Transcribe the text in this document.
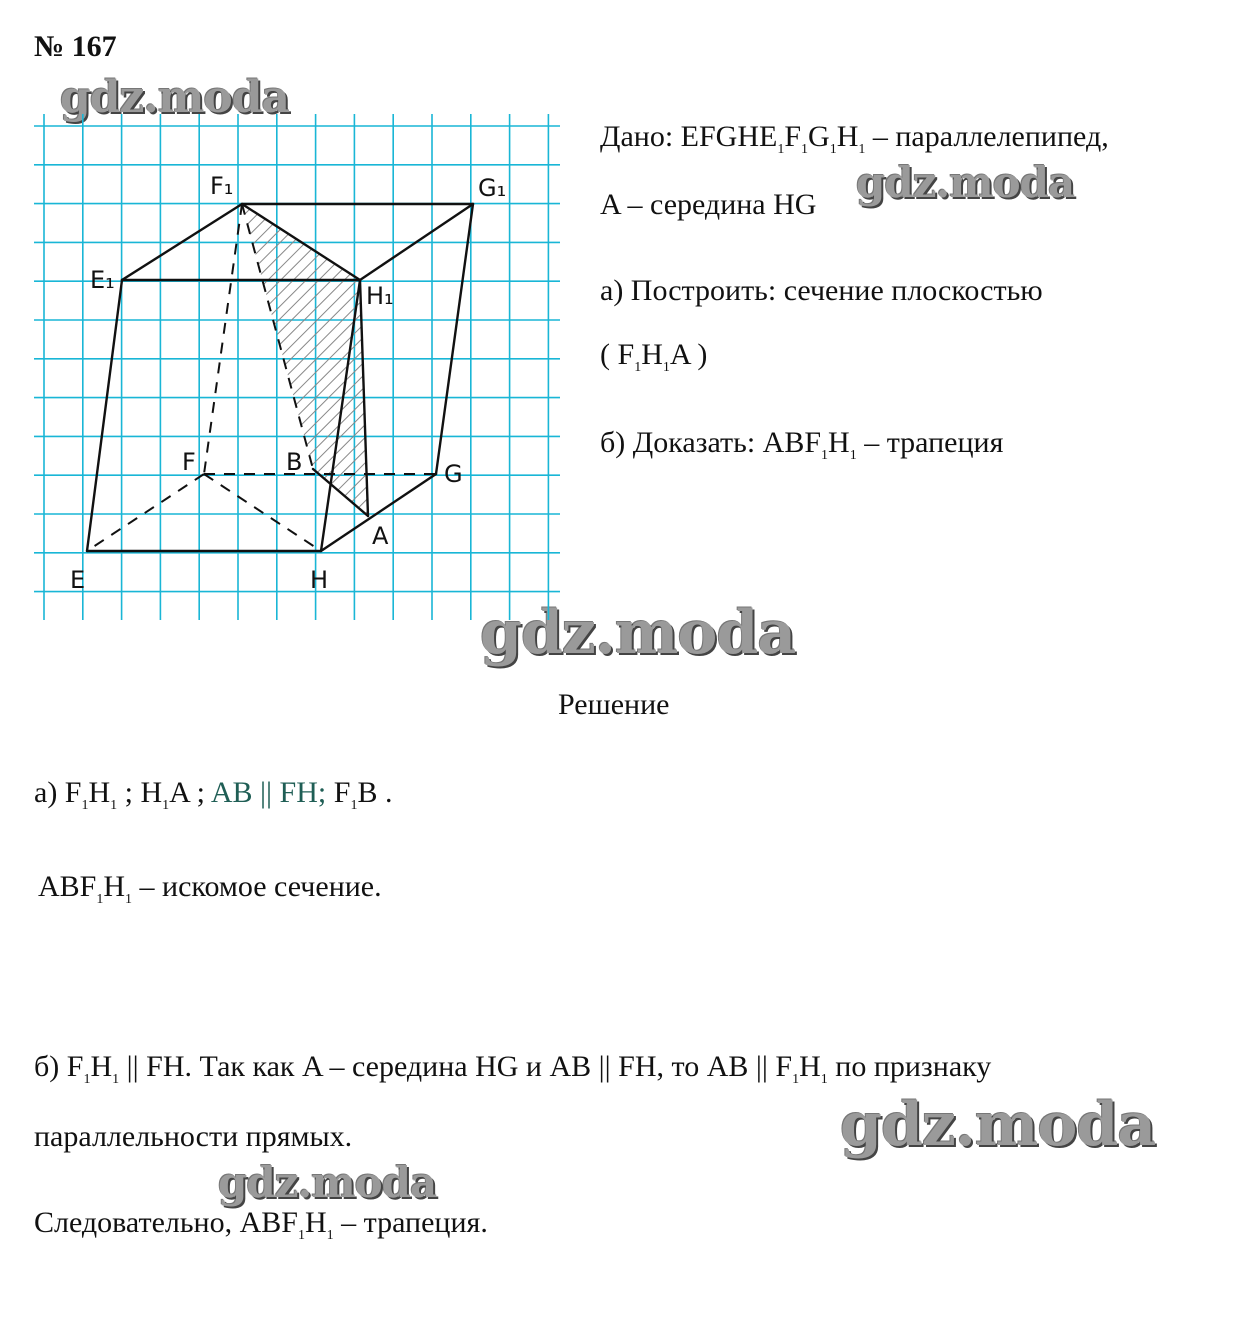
№ 167
gdz.moda
gdz.moda
gdz.moda
gdz.moda
gdz.moda
F₁	G₁
E₁
H₁
F	B	G
A
E	H
Дано: $EFGHE_1F_1G_1H_1$ – параллелепипед,
A – середина HG
а) Построить: сечение плоскостью
( $F_1H_1A$ )
б) Доказать: $ABF_1H_1$ – трапеция
Решение
а) $F_1H_1$ ; $H_1A$ ; AB || FH; $F_1B$ .
$ABF_1H_1$ – искомое сечение.
б) $F_1H_1$ || FH. Так как A – середина HG и AB || FH, то AB || $F_1H_1$ по признаку
параллельности прямых.
Следовательно, $ABF_1H_1$ – трапеция.
